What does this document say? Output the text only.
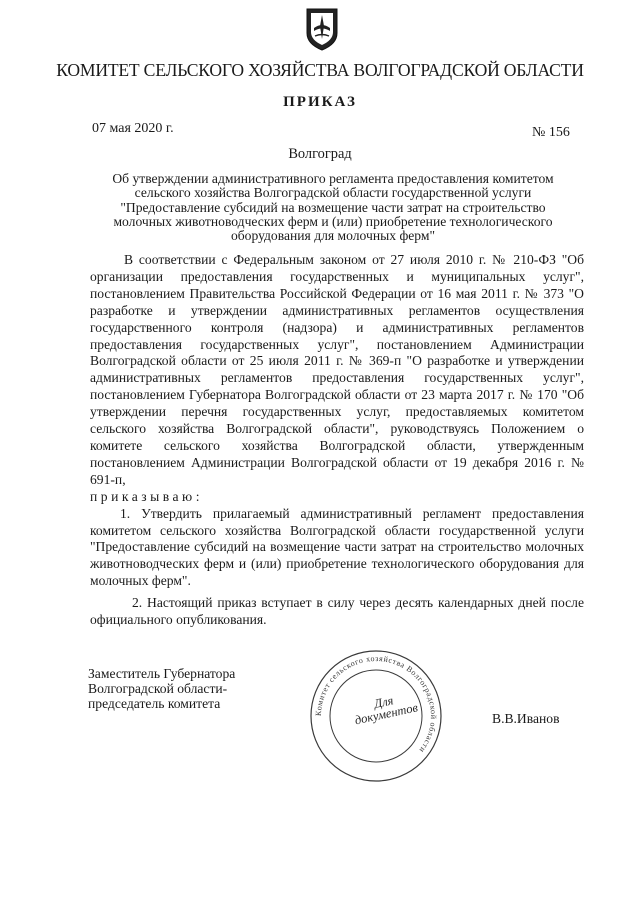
КОМИТЕТ СЕЛЬСКОГО ХОЗЯЙСТВА ВОЛГОГРАДСКОЙ ОБЛАСТИ
ПРИКАЗ
07 мая 2020 г.	№ 156
Волгоград
Об утверждении административного регламента предоставления комитетом
сельского хозяйства Волгоградской области государственной услуги
"Предоставление субсидий на возмещение части затрат на строительство
молочных животноводческих ферм и (или) приобретение технологического
оборудования для молочных ферм"

В соответствии с Федеральным законом от 27 июля 2010 г. № 210-ФЗ "Об организации предоставления государственных и муниципальных услуг", постановлением Правительства Российской Федерации от 16 мая 2011 г. № 373 "О разработке и утверждении административных регламентов осуществления государственного контроля (надзора) и административных регламентов предоставления государственных услуг", постановлением Администрации Волгоградской области от 25 июля 2011 г. № 369-п "О разработке и утверждении административных регламентов предоставления государственных услуг", постановлением Губернатора Волгоградской области от 23 марта 2017 г. № 170 "Об утверждении перечня государственных услуг, предоставляемых комитетом сельского хозяйства Волгоградской области", руководствуясь Положением о комитете сельского хозяйства Волгоградской области, утвержденным постановлением Администрации Волгоградской области от 19 декабря 2016 г. № 691-п,

приказываю:

1. Утвердить прилагаемый административный регламент предоставления комитетом сельского хозяйства Волгоградской области государственной услуги "Предоставление субсидий на возмещение части затрат на строительство молочных животноводческих ферм и (или) приобретение технологического оборудования для молочных ферм".

2. Настоящий приказ вступает в силу через десять календарных дней после официального опубликования.

Заместитель Губернатора
Волгоградской области-
председатель комитета
Комитет сельского хозяйства Волгоградской области
Для
документов	В.В.Иванов
